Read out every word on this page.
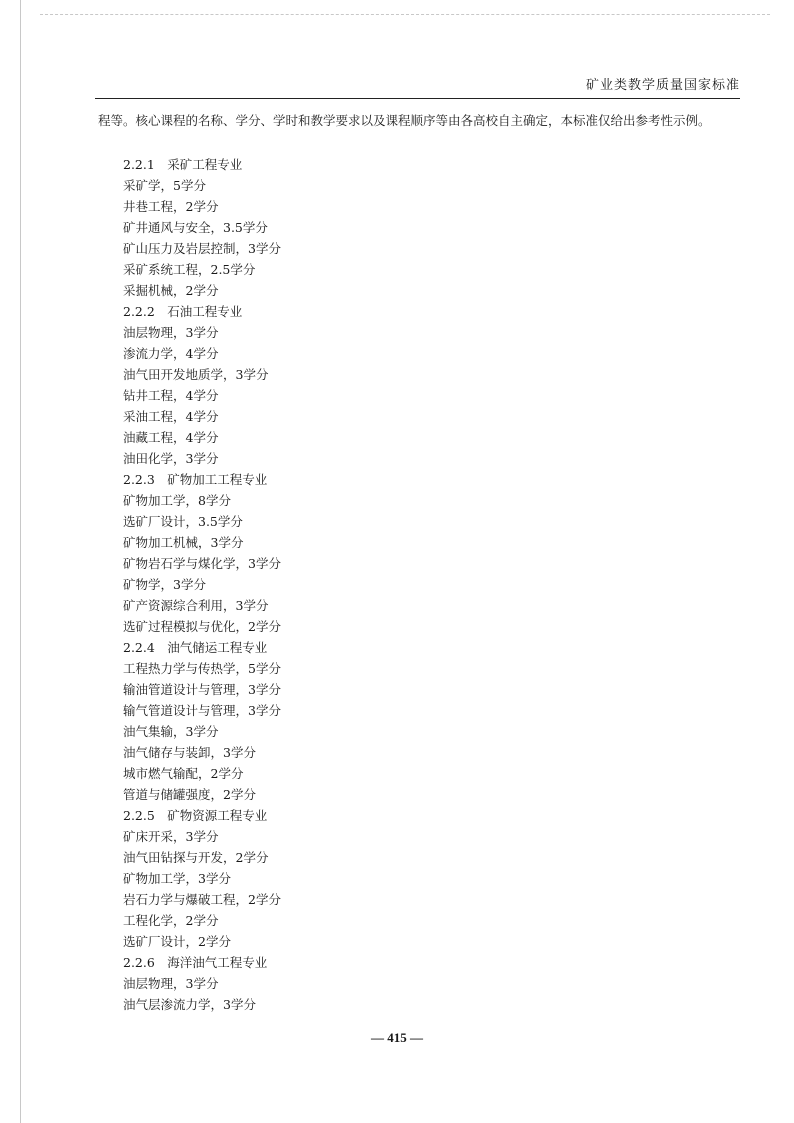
矿业类教学质量国家标准

程等。核心课程的名称、学分、学时和教学要求以及课程顺序等由各高校自主确定，本标准仅给出参考性示例。

2.2.1　采矿工程专业
采矿学，5学分
井巷工程，2学分
矿井通风与安全，3.5学分
矿山压力及岩层控制，3学分
采矿系统工程，2.5学分
采掘机械，2学分
2.2.2　石油工程专业
油层物理，3学分
渗流力学，4学分
油气田开发地质学，3学分
钻井工程，4学分
采油工程，4学分
油藏工程，4学分
油田化学，3学分
2.2.3　矿物加工工程专业
矿物加工学，8学分
选矿厂设计，3.5学分
矿物加工机械，3学分
矿物岩石学与煤化学，3学分
矿物学，3学分
矿产资源综合利用，3学分
选矿过程模拟与优化，2学分
2.2.4　油气储运工程专业
工程热力学与传热学，5学分
输油管道设计与管理，3学分
输气管道设计与管理，3学分
油气集输，3学分
油气储存与装卸，3学分
城市燃气输配，2学分
管道与储罐强度，2学分
2.2.5　矿物资源工程专业
矿床开采，3学分
油气田钻探与开发，2学分
矿物加工学，3学分
岩石力学与爆破工程，2学分
工程化学，2学分
选矿厂设计，2学分
2.2.6　海洋油气工程专业
油层物理，3学分
油气层渗流力学，3学分
— 415 —
